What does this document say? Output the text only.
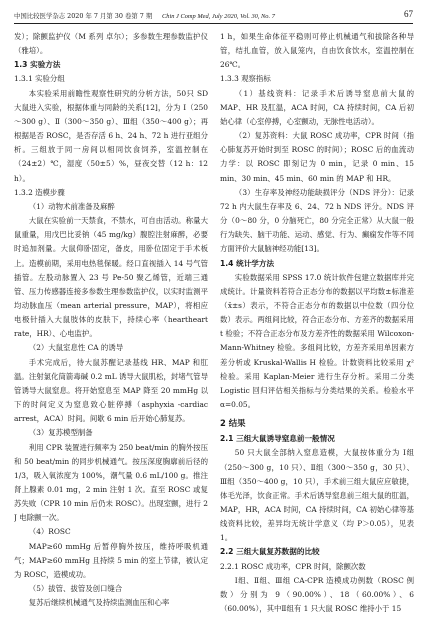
中国比较医学杂志 2020 年 7 月第 30 卷第 7 期 Chin J Comp Med, July 2020, Vol. 30, No. 7	67

发）；除颤监护仪（M 系列 卓尔）；多参数生理参数监护仪（雅培）。

1.3 实验方法
1.3.1 实验分组

本实验采用前瞻性观察性研究的分析方法，50只 SD 大鼠进入实验，根据体重与同龄的关系[12]，分为 Ⅰ（250～300 g）、Ⅱ（300～350 g）、Ⅲ组（350～400 g）；再根据是否 ROSC，是否存活 6 h、24 h、72 h 进行亚组分析。三组放于同一房间以相同饮食饲养，室温控制在（24±2）℃，湿度（50±5）%，昼夜交替（12 h：12 h）。

1.3.2 造模步骤

（1）动物术前准备及麻醉

大鼠在实验前一天禁食，不禁水，可自由活动。称量大鼠重量，用戊巴比妥钠（45 mg/kg）腹腔注射麻醉，必要时追加剂量。大鼠仰卧固定，备皮，用卧位固定于手术板上。造模前期，采用电热毯保暖。经口直视插入 14 号气管插管。左股动脉置入 23 号 Pe-50 聚乙烯管，近端三通管、压力传感器连接多参数生理参数监护仪，以实时监测平均动脉血压（mean arterial pressure，MAP），将相应电极针插入大鼠肢体的皮肤下，持续心率（heartheart rate，HR）、心电监护。

（2）大鼠室息性 CA 的诱导

手术完成后，待大鼠苏醒记录基线 HR、MAP 和肛温。注射氯化筒箭毒碱 0.2 mL 诱导大鼠肌松，封堵气管导管诱导大鼠窒息。将开始窒息至 MAP 降至 20 mmHg 以下的时间定义为窒息致心脏停搏（asphyxia -cardiac arrest，ACA）时间。间歇 6 min 后开始心肺复苏。

（3）复苏模型制备

利用 CPR 装置进行频率为 250 beat/min 的胸外按压和 50 beat/min 的同步机械通气。按压深度胸廓前后径的 1/3，吸入氧浓度为 100%，潮气量 0.6 mL/100 g。推注肾上腺素 0.01 mg，2 min 注射 1 次。直至 ROSC 或复苏失败（CPR 10 min 后仍未 ROSC）。出现室颤，进行 2 J 电除颤一次。

（4）ROSC

MAP≥60 mmHg 后暂停胸外按压，维持呼吸机通气；MAP≥60 mmHg 且持续 5 min 的室上节律，被认定为 ROSC，造模成功。

（5）拔管、拔管及创口缝合

复苏后继续机械通气及持续监测血压和心率

1 h，如果生命体征平稳则可停止机械通气和拔除各种导管，结扎血管，放入鼠笼内，自由饮食饮水，室温控制在 26℃。

1.3.3 观察指标

（1）基线资料：记录手术后诱导窒息前大鼠的 MAP、HR 及肛温，ACA 时间，CA 持续时间，CA 后初始心律（心室停搏，心室颤动，无脉性电活动）。

（2）复苏资料：大鼠 ROSC 成功率，CPR 时间（指心肺复苏开始时到至 ROSC 的时间）；ROSC 后的血流动力学：以 ROSC 即刻记为 0 min，记录 0 min、15 min、30 min、45 min、60 min 的 MAP 和 HR。

（3）生存率及神经功能缺损评分（NDS 评分）：记录 72 h 内大鼠生存率及 6、24、72 h NDS 评分。NDS 评分（0～80 分，0 分脑死亡，80 分完全正常）从大鼠一般行为缺失、脑干功能、运动、感觉、行为、癫痫发作等不同方面评价大鼠脑神经功能[13]。

1.4 统计学方法

实验数据采用 SPSS 17.0 统计软件包建立数据库并完成统计。计量资料若符合正态分布的数据以平均数±标准差（x̄±s）表示，不符合正态分布的数据以中位数（四分位数）表示。两组间比较，符合正态分布、方差齐的数据采用 t 检验；不符合正态分布及方差齐性的数据采用 Wilcoxon-Mann-Whitney 检验。多组间比较，方差齐采用单因素方差分析或 Kruskal-Wallis H 检验。计数资料比较采用 χ² 检验。采用 Kaplan-Meier 进行生存分析。采用二分类 Logistic 回归评估相关指标与分类结果的关系。检验水平 α=0.05。

2 结果
2.1 三组大鼠诱导窒息前一般情况

50 只大鼠全部纳入窒息造模，大鼠按体重分为 Ⅰ组（250～300 g，10 只）、Ⅱ组（300～350 g，30 只）、Ⅲ组（350～400 g，10 只），手术前三组大鼠应应敏捷，体毛光泽，饮食正常。手术后诱导窒息前三组大鼠的肛温，MAP，HR，ACA 时间，CA 持续时间，CA 初始心律等基线资料比较，差异均无统计学意义（均 P＞0.05），见表 1。

2.2 三组大鼠复苏数据的比较
2.2.1 ROSC 成功率，CPR 时间，除颤次数

Ⅰ组、Ⅱ组、Ⅲ组 CA-CPR 造模成功例数（ROSC 例数）分别为 9（90.00%）、18（60.00%）、6（60.00%），其中Ⅱ组有 1 只大鼠 ROSC 维持小于 15
